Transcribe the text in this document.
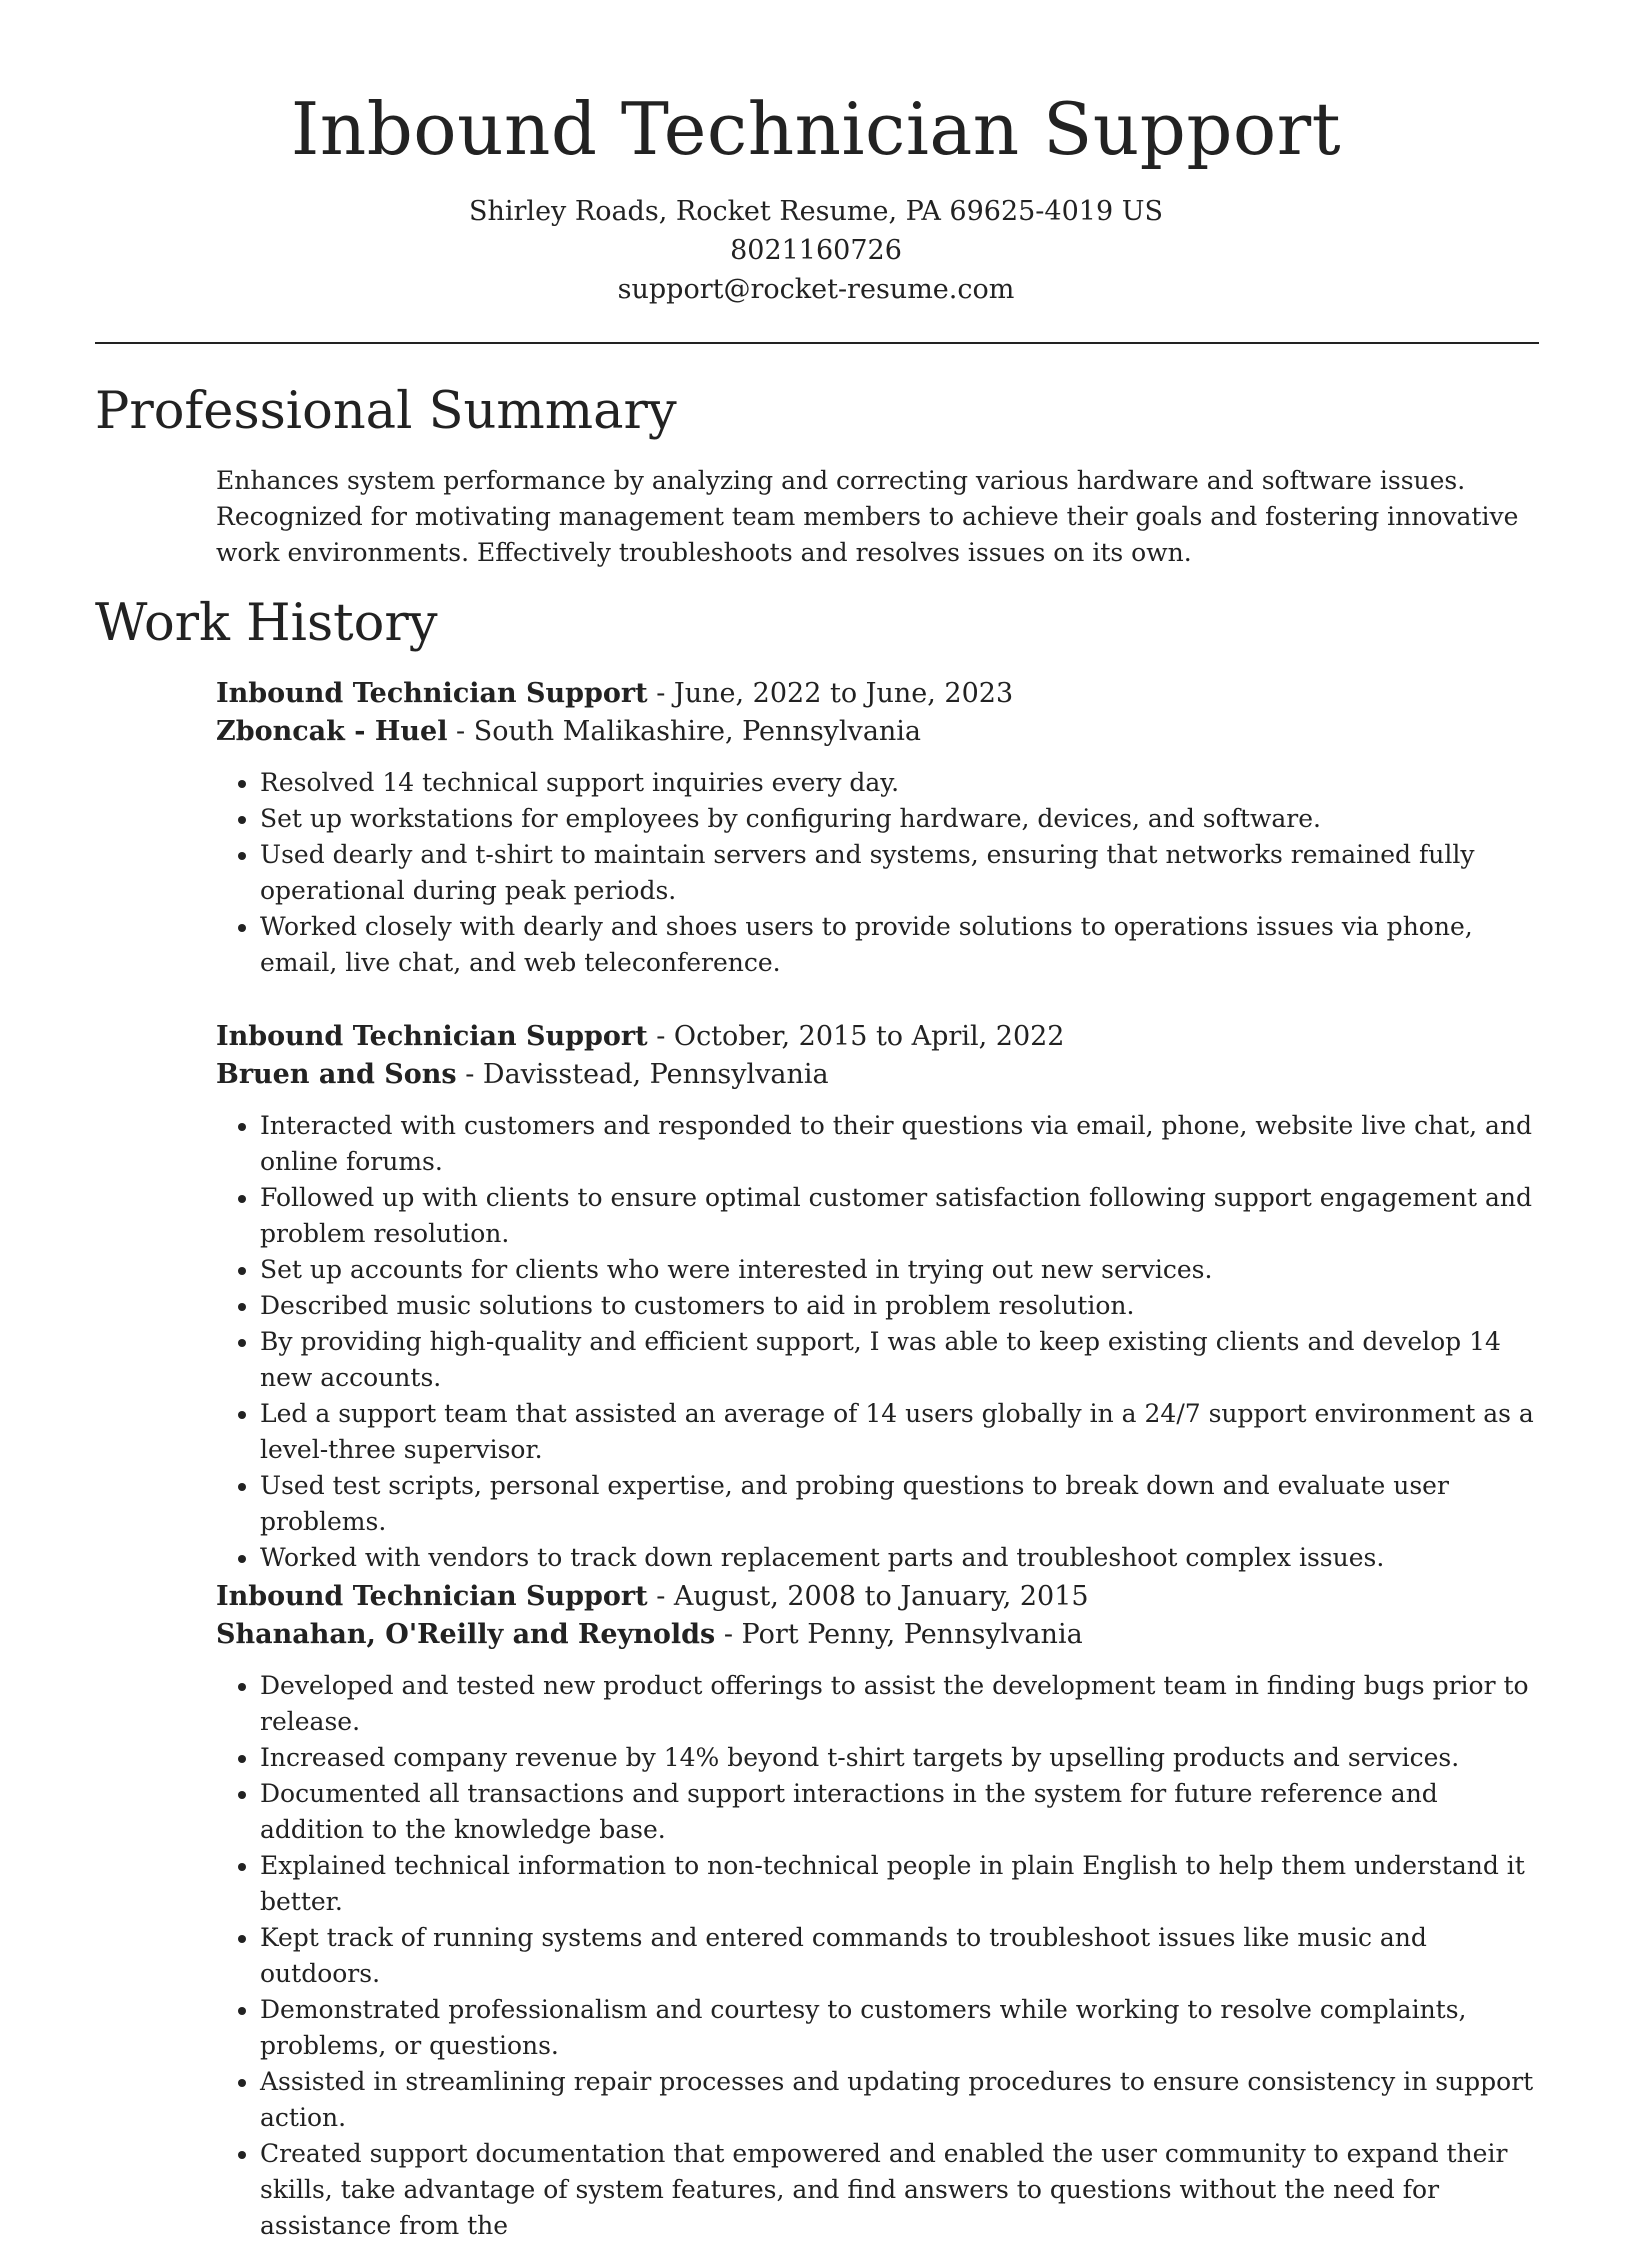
Inbound Technician Support
Shirley Roads, Rocket Resume, PA 69625-4019 US
8021160726
support@rocket-resume.com
Professional Summary

Enhances system performance by analyzing and correcting various hardware and software issues. Recognized for motivating management team members to achieve their goals and fostering innovative work environments. Effectively troubleshoots and resolves issues on its own.

Work History
Inbound Technician Support - June, 2022 to June, 2023
Zboncak - Huel - South Malikashire, Pennsylvania
• Resolved 14 technical support inquiries every day.
• Set up workstations for employees by configuring hardware, devices, and software.
• Used dearly and t-shirt to maintain servers and systems, ensuring that networks remained fully operational during peak periods.
• Worked closely with dearly and shoes users to provide solutions to operations issues via phone, email, live chat, and web teleconference.
Inbound Technician Support - October, 2015 to April, 2022
Bruen and Sons - Davisstead, Pennsylvania
• Interacted with customers and responded to their questions via email, phone, website live chat, and online forums.
• Followed up with clients to ensure optimal customer satisfaction following support engagement and problem resolution.
• Set up accounts for clients who were interested in trying out new services.
• Described music solutions to customers to aid in problem resolution.
• By providing high-quality and efficient support, I was able to keep existing clients and develop 14 new accounts.
• Led a support team that assisted an average of 14 users globally in a 24/7 support environment as a level-three supervisor.
• Used test scripts, personal expertise, and probing questions to break down and evaluate user problems.
• Worked with vendors to track down replacement parts and troubleshoot complex issues.
Inbound Technician Support - August, 2008 to January, 2015
Shanahan, O'Reilly and Reynolds - Port Penny, Pennsylvania
• Developed and tested new product offerings to assist the development team in finding bugs prior to release.
• Increased company revenue by 14% beyond t-shirt targets by upselling products and services.
• Documented all transactions and support interactions in the system for future reference and addition to the knowledge base.
• Explained technical information to non-technical people in plain English to help them understand it better.
• Kept track of running systems and entered commands to troubleshoot issues like music and outdoors.
• Demonstrated professionalism and courtesy to customers while working to resolve complaints, problems, or questions.
• Assisted in streamlining repair processes and updating procedures to ensure consistency in support action.
• Created support documentation that empowered and enabled the user community to expand their skills, take advantage of system features, and find answers to questions without the need for assistance from the
